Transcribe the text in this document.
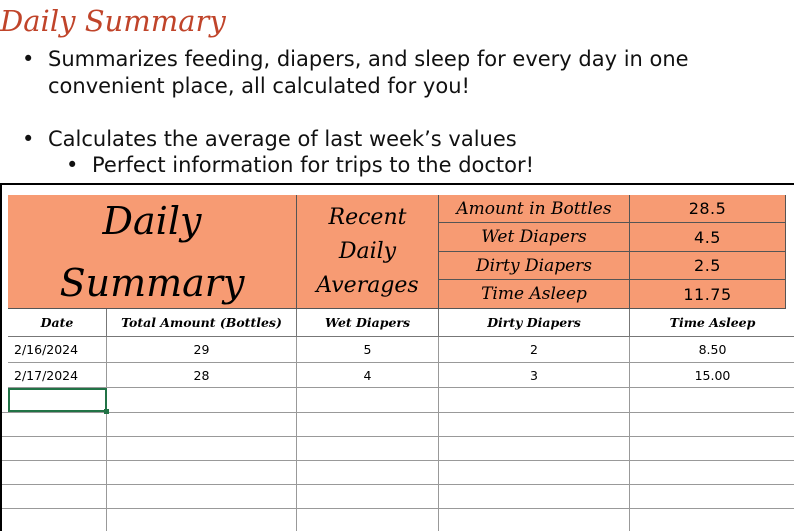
Daily Summary
• Summarizes feeding, diapers, and sleep for every day in one
convenient place, all calculated for you!
• Calculates the average of last week’s values
• Perfect information for trips to the doctor!
Daily
Summary
Recent
Daily
Averages
Amount in Bottles	28.5
Wet Diapers	4.5
Dirty Diapers	2.5
Time Asleep	11.75
Date	Total Amount (Bottles)	Wet Diapers	Dirty Diapers	Time Asleep
2/16/2024	29	5	2	8.50
2/17/2024	28	4	3	15.00
